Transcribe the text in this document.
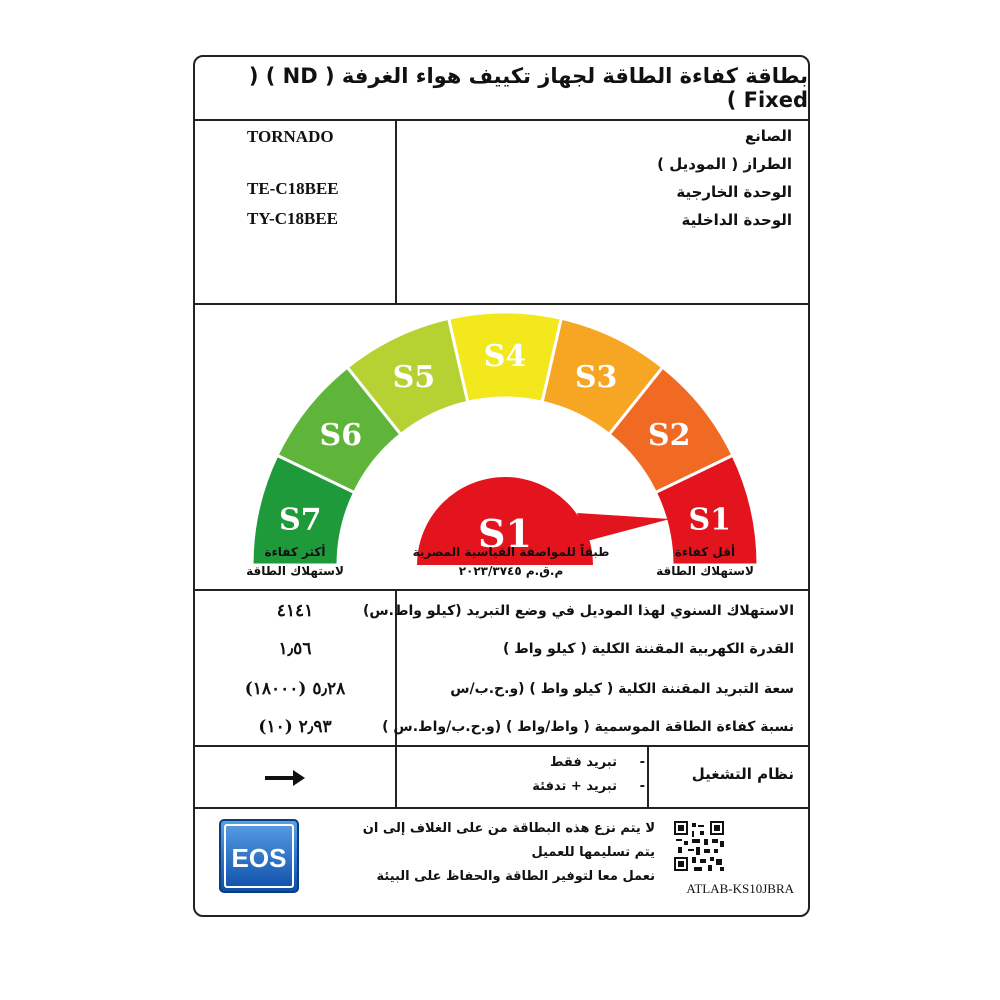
بطاقة كفاءة الطاقة لجهاز تكييف هواء الغرفة ( ND ) ( Fixed )
TORNADO
TE-C18BEE
TY-C18BEE
الصانع
الطراز ( الموديل )
الوحدة الخارجية
الوحدة الداخلية
S7
S6
S5
S4
S3
S2
S1
S1
أكثر كفاءة
لاستهلاك الطاقة
طبقاً للمواصفة القياسية المصرية
م.ق.م ٢٠٢٣/٣٧٤٥
أقل كفاءة
لاستهلاك الطاقة
٤١٤١
١٫٥٦
٥٫٢٨ (١٨٠٠٠)
٢٫٩٣ (١٠)
الاستهلاك السنوي لهذا الموديل في وضع التبريد (كيلو واط.س)
القدرة الكهربية المقننة الكلية ( كيلو واط )
سعة التبريد المقننة الكلية ( كيلو واط ) (و.ح.ب/س
نسبة كفاءة الطاقة الموسمية ( واط/واط ) (و.ح.ب/واط.س )
-
تبريد فقط
-
تبريد + تدفئة
نظام التشغيل
EOS
لا يتم نزع هذه البطاقة من على الغلاف إلى ان
يتم تسليمها للعميل
نعمل معا لتوفير الطاقة والحفاظ على البيئة
ATLAB-KS10JBRA
